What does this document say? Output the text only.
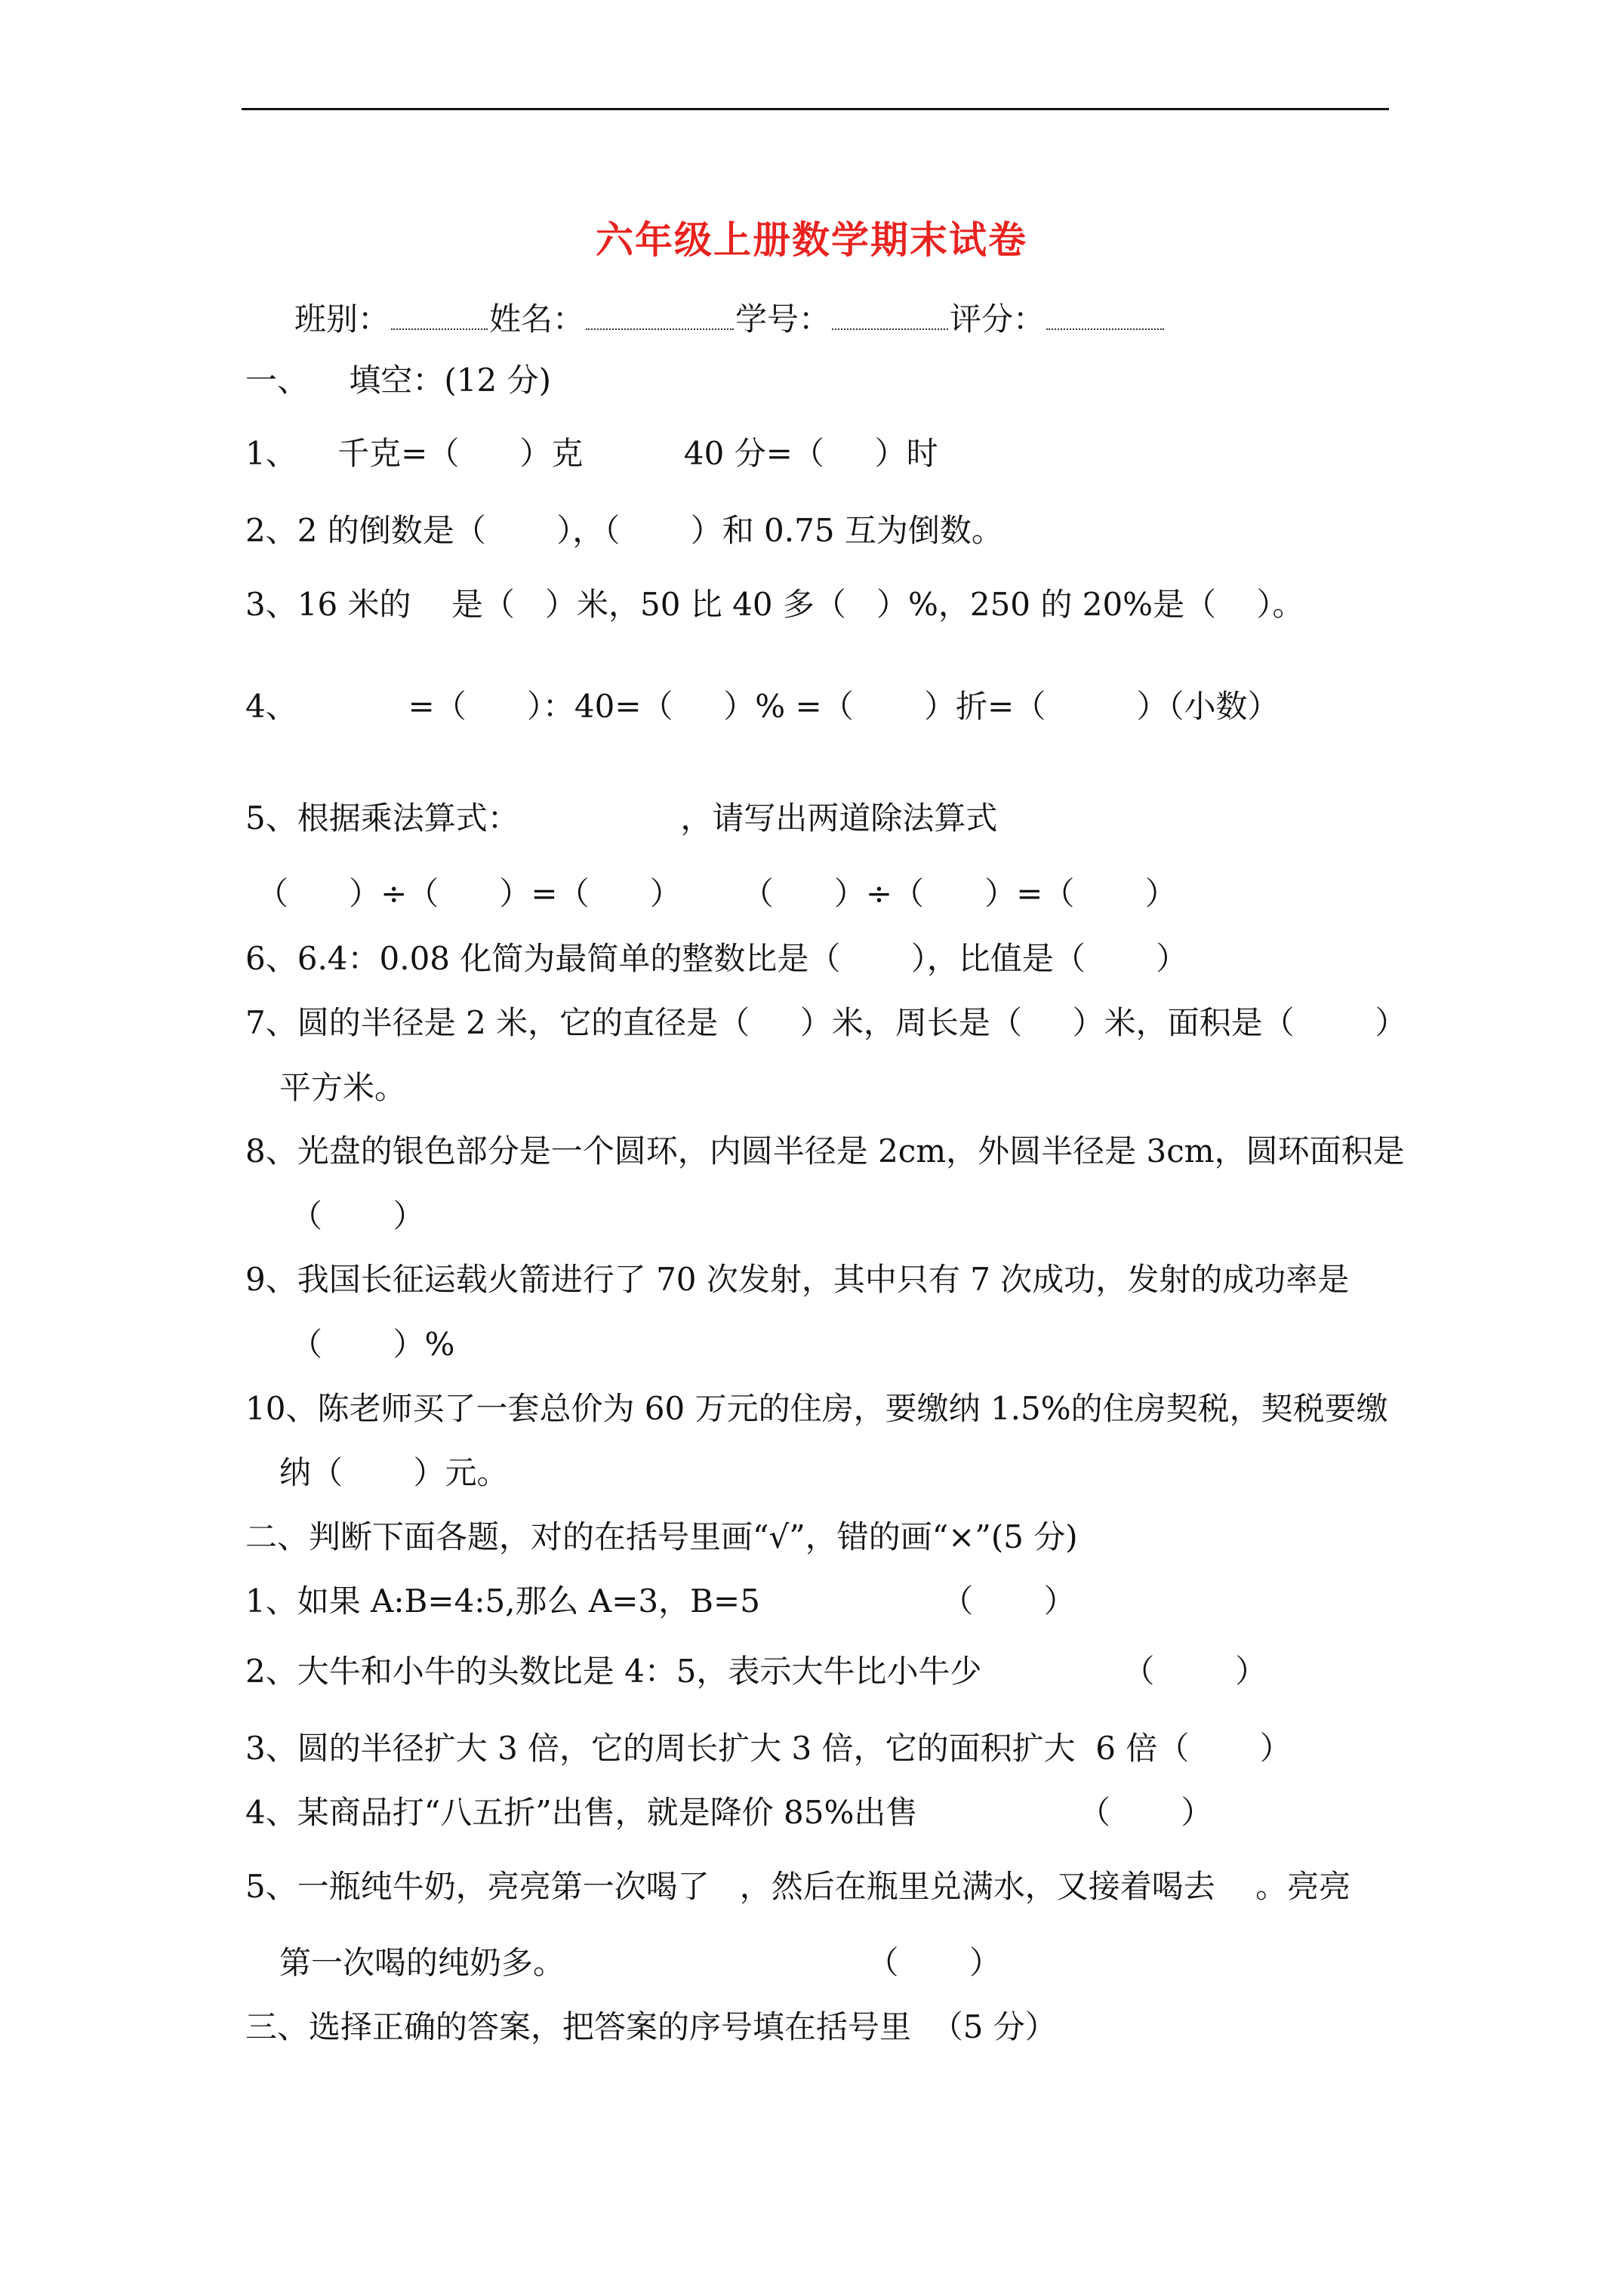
六年级上册数学期末试卷
班别：	姓名：	学号：	评分：
一、    填空：(12 分)
1、    千克=（      ）克          40 分=（     ）时
2、2 的倒数是（       ），（       ）和 0.75 互为倒数。
3、16 米的    是（   ）米，50 比 40 多（   ）%，250 的 20%是（    ）。
4、           =（      ）：40=（     ）% =（       ）折=（         ）（小数）
5、根据乘法算式：                ，请写出两道除法算式
（      ）÷（      ）=（      ）      （      ）÷（      ）=（       ）
6、6.4：0.08 化简为最简单的整数比是（       ），比值是（       ）
7、圆的半径是 2 米，它的直径是（     ）米，周长是（     ）米，面积是（        ）
平方米。
8、光盘的银色部分是一个圆环，内圆半径是 2cm，外圆半径是 3cm，圆环面积是
（       ）
9、我国长征运载火箭进行了 70 次发射，其中只有 7 次成功，发射的成功率是
（       ）%
10、陈老师买了一套总价为 60 万元的住房，要缴纳 1.5%的住房契税，契税要缴
纳（       ）元。
二、判断下面各题，对的在括号里画“√”，错的画“×”(5 分)
1、如果 A:B=4:5,那么 A=3，B=5                  （       ）
2、大牛和小牛的头数比是 4：5，表示大牛比小牛少              （        ）
3、圆的半径扩大 3 倍，它的周长扩大 3 倍，它的面积扩大  6 倍（       ）
4、某商品打“八五折”出售，就是降价 85%出售                （       ）
5、一瓶纯牛奶，亮亮第一次喝了   ，然后在瓶里兑满水，又接着喝去    。亮亮
第一次喝的纯奶多。                              （       ）
三、选择正确的答案，把答案的序号填在括号里  （5 分）
